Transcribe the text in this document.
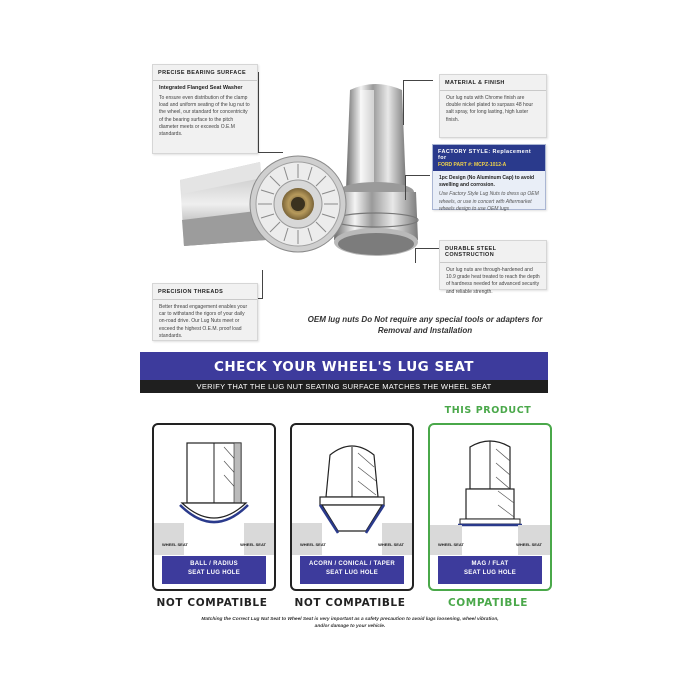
PRECISE BEARING SURFACE
Integrated Flanged Seat Washer
To ensure even distribution of the clamp load and uniform seating of the lug nut to the wheel, our standard for concentricity of the bearing surface to the pitch diameter meets or exceeds O.E.M standards.
MATERIAL & FINISH
Our lug nuts with Chrome finish are double nickel plated to surpass 48 hour salt spray, for long lasting, high luster finish.
FACTORY STYLE: Replacement for
FORD PART #: MCPZ-1012-A
1pc Design (No Aluminum Cap) to avoid swelling and corrosion.
Use Factory Style Lug Nuts to dress up OEM wheels, or use in concert with Aftermarket wheels design to use OEM lugs
DURABLE STEEL CONSTRUCTION
Our lug nuts are through-hardened and 10.9 grade heat treated to reach the depth of hardness needed for advanced security and reliable strength.
PRECISION THREADS
Better thread engagement enables your car to withstand the rigors of your daily on-road drive. Our Lug Nuts meet or exceed the highest O.E.M. proof load standards.
OEM lug nuts Do Not require any special tools or adapters for Removal and Installation
CHECK YOUR WHEEL'S LUG SEAT
VERIFY THAT THE LUG NUT SEATING SURFACE MATCHES THE WHEEL SEAT
THIS PRODUCT
WHEEL SEAT	WHEEL SEAT
BALL / RADIUS
SEAT LUG HOLE
WHEEL SEAT	WHEEL SEAT
ACORN / CONICAL / TAPER
SEAT LUG HOLE
WHEEL SEAT	WHEEL SEAT
MAG / FLAT
SEAT LUG HOLE
NOT COMPATIBLE	NOT COMPATIBLE	COMPATIBLE
Matching the Correct Lug Nut Seat to Wheel Seat is very important as a safety precaution to avoid lugs loosening, wheel vibration, and/or damage to your vehicle.
